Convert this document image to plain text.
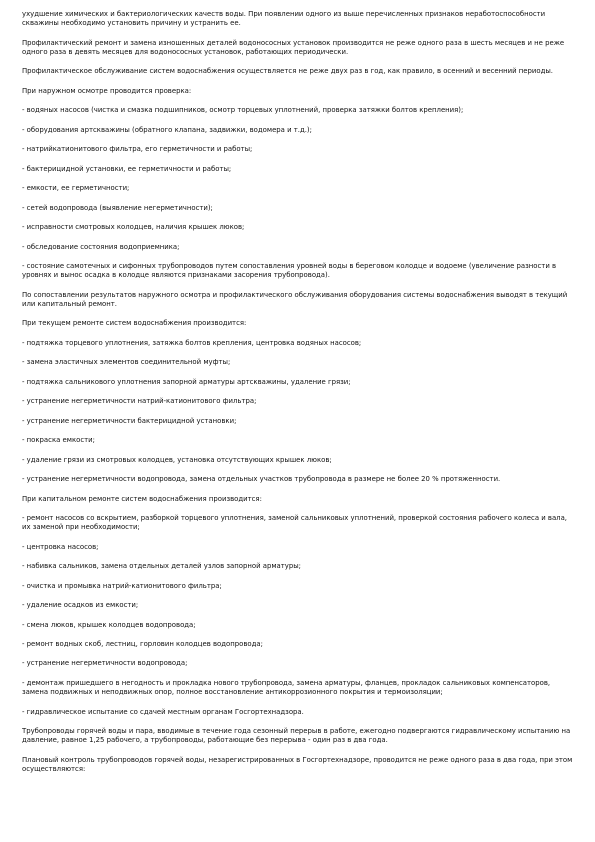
ухудшение химических и бактериологических качеств воды. При появлении одного из выше перечисленных признаков неработоспособности скважины необходимо установить причину и устранить ее.

Профилактический ремонт и замена изношенных деталей водонососных установок производится не реже одного раза в шесть месяцев и не реже одного раза в девять месяцев для водонососных установок, работающих периодически.

Профилактическое обслуживание систем водоснабжения осуществляется не реже двух раз в год, как правило, в осенний и весенний периоды.

При наружном осмотре проводится проверка:

- водяных насосов (чистка и смазка подшипников, осмотр торцевых уплотнений, проверка затяжки болтов крепления);

- оборудования артскважины (обратного клапана, задвижки, водомера и т.д.);

- натрийкатионитового фильтра, его герметичности и работы;

- бактерицидной установки, ее герметичности и работы;

- емкости, ее герметичности;

- сетей водопровода (выявление негерметичности);

- исправности смотровых колодцев, наличия крышек люков;

- обследование состояния водоприемника;

- состояние самотечных и сифонных трубопроводов путем сопоставления уровней воды в береговом колодце и водоеме (увеличение разности в уровнях и вынос осадка в колодце являются признаками засорения трубопровода).

По сопоставлении результатов наружного осмотра и профилактического обслуживания оборудования системы водоснабжения выводят в текущий или капитальный ремонт.

При текущем ремонте систем водоснабжения производится:

- подтяжка торцевого уплотнения, затяжка болтов крепления, центровка водяных насосов;

- замена эластичных элементов соединительной муфты;

- подтяжка сальникового уплотнения запорной арматуры артскважины, удаление грязи;

- устранение негерметичности натрий-катионитового фильтра;

- устранение негерметичности бактерицидной установки;

- покраска емкости;

- удаление грязи из смотровых колодцев, установка отсутствующих крышек люков;

- устранение негерметичности водопровода, замена отдельных участков трубопровода в размере не более 20 % протяженности.

При капитальном ремонте систем водоснабжения производится:

- ремонт насосов со вскрытием, разборкой торцевого уплотнения, заменой сальниковых уплотнений, проверкой состояния рабочего колеса и вала, их заменой при необходимости;

- центровка насосов;

- набивка сальников, замена отдельных деталей узлов запорной арматуры;

- очистка и промывка натрий-катионитового фильтра;

- удаление осадков из емкости;

- смена люков, крышек колодцев водопровода;

- ремонт водных скоб, лестниц, горловин колодцев водопровода;

- устранение негерметичности водопровода;

- демонтаж пришедшего в негодность и прокладка нового трубопровода, замена арматуры, фланцев, прокладок сальниковых компенсаторов, замена подвижных и неподвижных опор, полное восстановление антикоррозионного покрытия и термоизоляции;

- гидравлическое испытание со сдачей местным органам Госгортехнадзора.

Трубопроводы горячей воды и пара, вводимые в течение года сезонный перерыв в работе, ежегодно подвергаются гидравлическому испытанию на давление, равное 1,25 рабочего, а трубопроводы, работающие без перерыва - один раз в два года.

Плановый контроль трубопроводов горячей воды, незарегистрированных в Госгортехнадзоре, проводится не реже одного раза в два года, при этом осуществляются:
